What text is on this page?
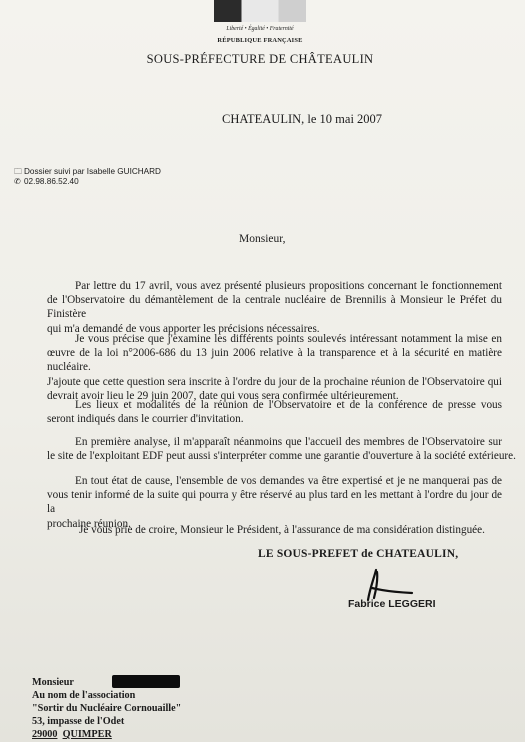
Liberté • Égalité • Fraternité
RÉPUBLIQUE FRANÇAISE
SOUS-PRÉFECTURE DE CHÂTEAULIN
CHATEAULIN, le 10 mai 2007
🗀 Dossier suivi par Isabelle GUICHARD
✆ 02.98.86.52.40
Monsieur,
Par lettre du 17 avril, vous avez présenté plusieurs propositions concernant le fonctionnement
de l'Observatoire du démantèlement de la centrale nucléaire de Brennilis à Monsieur le Préfet du Finistère
qui m'a demandé de vous apporter les précisions nécessaires.
Je vous précise que j'examine les différents points soulevés intéressant notamment la mise en
œuvre de la loi n°2006-686 du 13 juin 2006 relative à la transparence et à la sécurité en matière nucléaire.
J'ajoute que cette question sera inscrite à l'ordre du jour de la prochaine réunion de l'Observatoire qui
devrait avoir lieu le 29 juin 2007, date qui vous sera confirmée ultérieurement.
Les lieux et modalités de la réunion de l'Observatoire et de la conférence de presse vous
seront indiqués dans le courrier d'invitation.
En première analyse, il m'apparaît néanmoins que l'accueil des membres de l'Observatoire sur
le site de l'exploitant EDF peut aussi s'interpréter comme une garantie d'ouverture à la société extérieure.
En tout état de cause, l'ensemble de vos demandes va être expertisé et je ne manquerai pas de
vous tenir informé de la suite qui pourra y être réservé au plus tard en les mettant à l'ordre du jour de la
prochaine réunion.
Je vous prie de croire, Monsieur le Président, à l'assurance de ma considération distinguée.
LE SOUS-PREFET de CHATEAULIN,
Fabrice LEGGERI
Monsieur
Au nom de l'association
"Sortir du Nucléaire Cornouaille"
53, impasse de l'Odet
29000 QUIMPER
